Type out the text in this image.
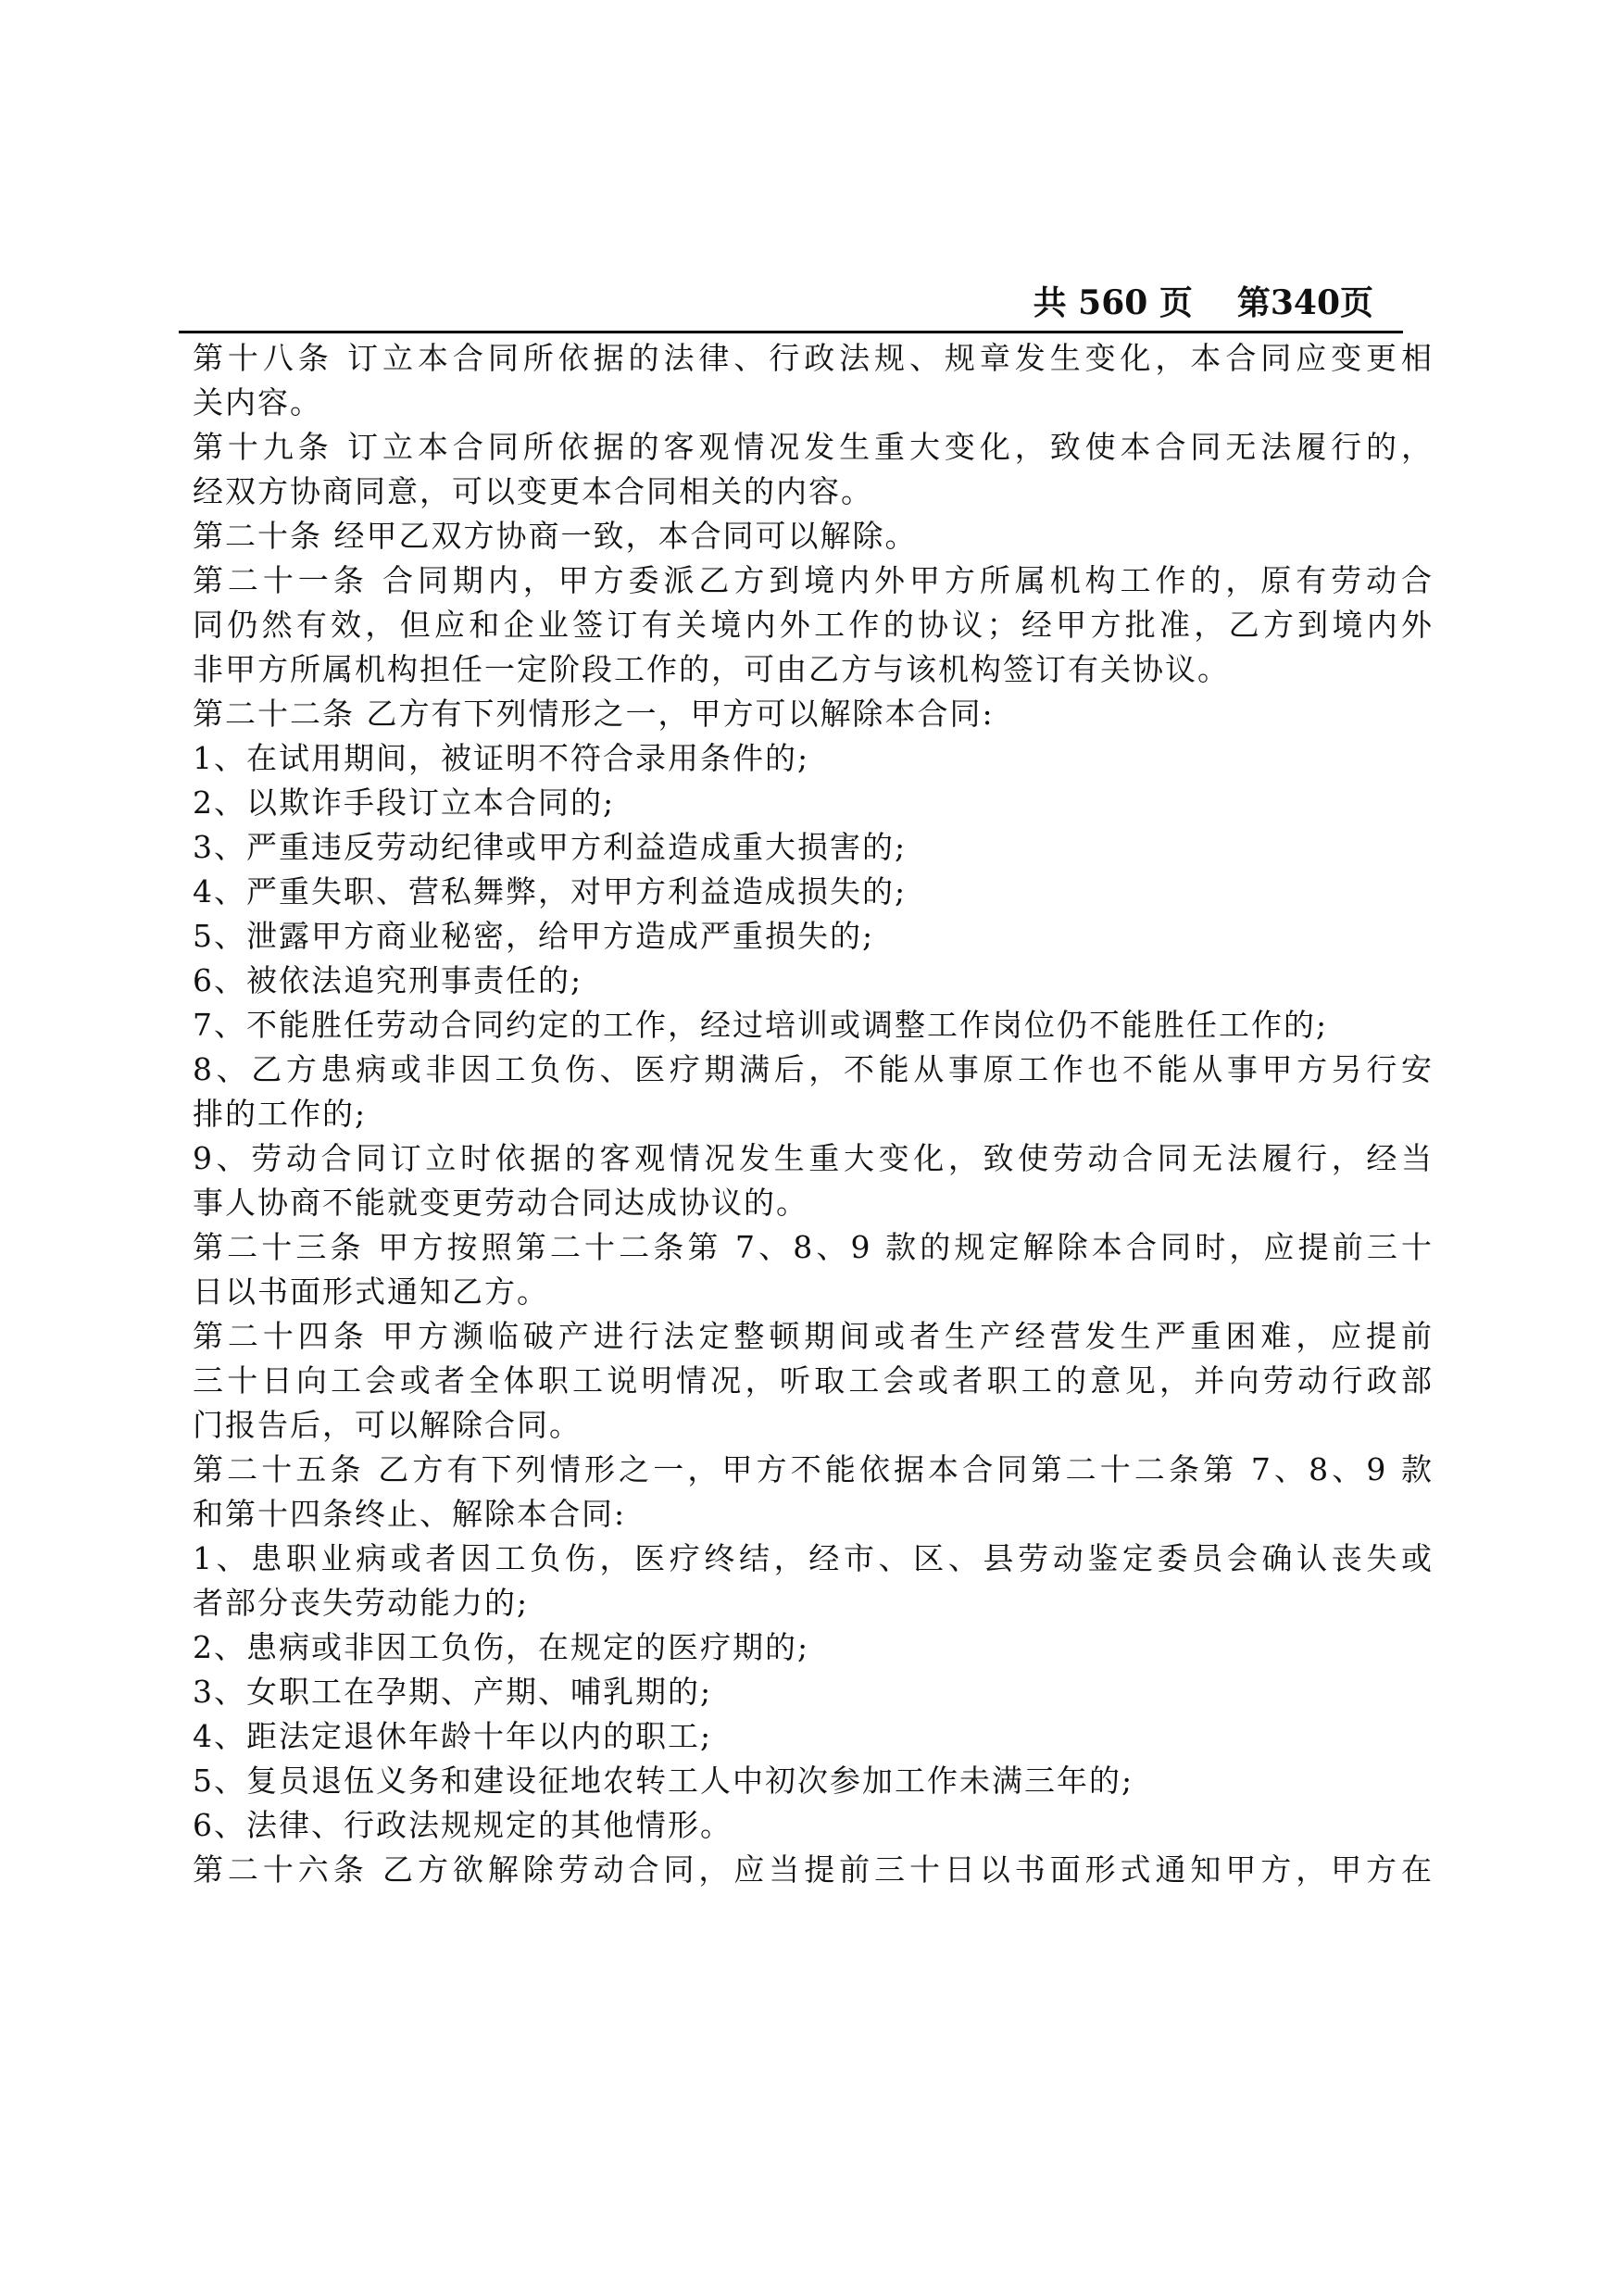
共 560 页 第340页
第十八条 订立本合同所依据的法律、行政法规、规章发生变化，本合同应变更相
关内容。
第十九条 订立本合同所依据的客观情况发生重大变化，致使本合同无法履行的，
经双方协商同意，可以变更本合同相关的内容。
第二十条 经甲乙双方协商一致，本合同可以解除。
第二十一条 合同期内，甲方委派乙方到境内外甲方所属机构工作的，原有劳动合
同仍然有效，但应和企业签订有关境内外工作的协议；经甲方批准，乙方到境内外
非甲方所属机构担任一定阶段工作的，可由乙方与该机构签订有关协议。
第二十二条 乙方有下列情形之一，甲方可以解除本合同:
1、在试用期间，被证明不符合录用条件的;
2、以欺诈手段订立本合同的;
3、严重违反劳动纪律或甲方利益造成重大损害的;
4、严重失职、营私舞弊，对甲方利益造成损失的;
5、泄露甲方商业秘密，给甲方造成严重损失的;
6、被依法追究刑事责任的;
7、不能胜任劳动合同约定的工作，经过培训或调整工作岗位仍不能胜任工作的;
8、乙方患病或非因工负伤、医疗期满后，不能从事原工作也不能从事甲方另行安
排的工作的;
9、劳动合同订立时依据的客观情况发生重大变化，致使劳动合同无法履行，经当
事人协商不能就变更劳动合同达成协议的。
第二十三条 甲方按照第二十二条第 7、8、9 款的规定解除本合同时，应提前三十
日以书面形式通知乙方。
第二十四条 甲方濒临破产进行法定整顿期间或者生产经营发生严重困难，应提前
三十日向工会或者全体职工说明情况，听取工会或者职工的意见，并向劳动行政部
门报告后，可以解除合同。
第二十五条 乙方有下列情形之一，甲方不能依据本合同第二十二条第 7、8、9 款
和第十四条终止、解除本合同:
1、患职业病或者因工负伤，医疗终结，经市、区、县劳动鉴定委员会确认丧失或
者部分丧失劳动能力的;
2、患病或非因工负伤，在规定的医疗期的;
3、女职工在孕期、产期、哺乳期的;
4、距法定退休年龄十年以内的职工;
5、复员退伍义务和建设征地农转工人中初次参加工作未满三年的;
6、法律、行政法规规定的其他情形。
第二十六条 乙方欲解除劳动合同，应当提前三十日以书面形式通知甲方，甲方在
